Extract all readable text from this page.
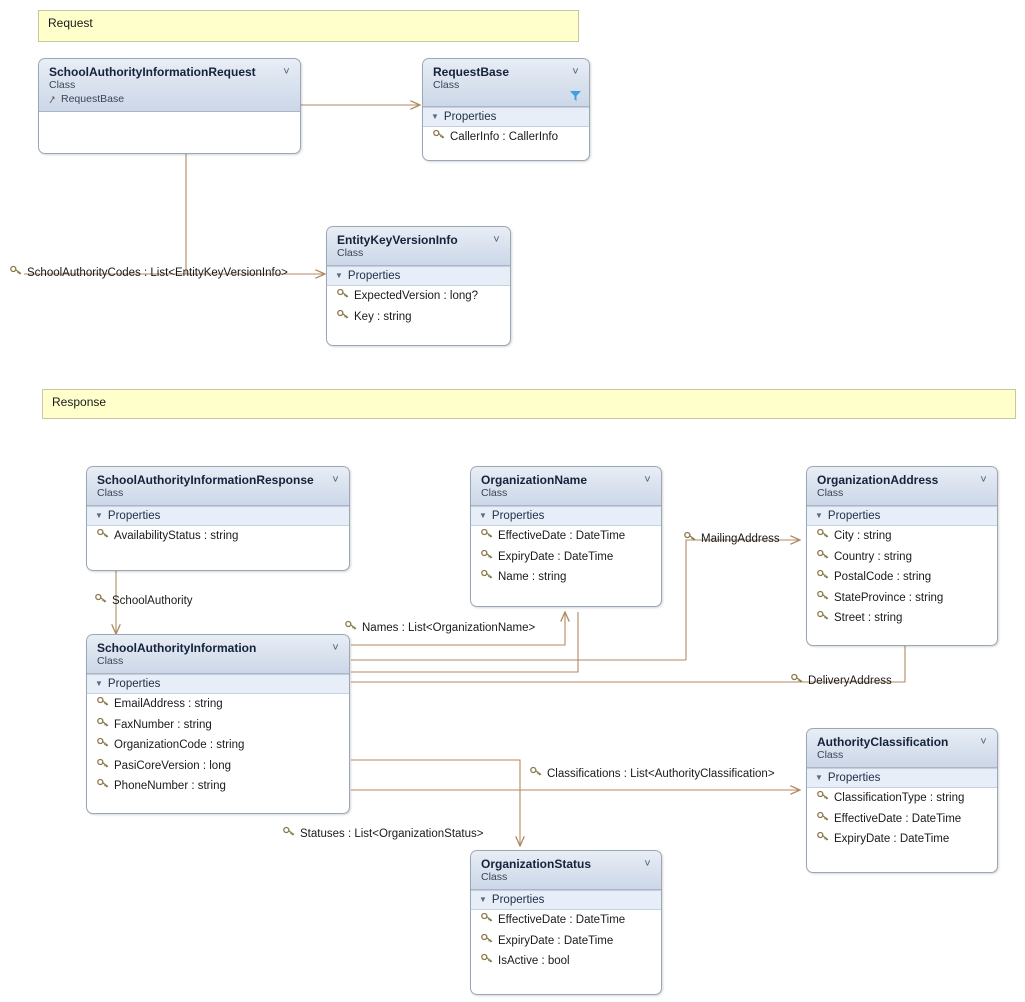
Request
Response
SchoolAuthorityInformationRequest
Class
RequestBase
˅	RequestBase
Class
˅
▼ Properties
CallerInfo : CallerInfo
EntityKeyVersionInfo
Class
˅
▼ Properties
ExpectedVersion : long?
Key : string
SchoolAuthorityInformationResponse
Class
˅
▼ Properties
AvailabilityStatus : string
OrganizationName
Class
˅
▼ Properties
EffectiveDate : DateTime
ExpiryDate : DateTime
Name : string
OrganizationAddress
Class
˅
▼ Properties
City : string
Country : string
PostalCode : string
StateProvince : string
Street : string
SchoolAuthorityInformation
Class
˅
▼ Properties
EmailAddress : string
FaxNumber : string
OrganizationCode : string
PasiCoreVersion : long
PhoneNumber : string
AuthorityClassification
Class
˅
▼ Properties
ClassificationType : string
EffectiveDate : DateTime
ExpiryDate : DateTime
OrganizationStatus
Class
˅
▼ Properties
EffectiveDate : DateTime
ExpiryDate : DateTime
IsActive : bool
SchoolAuthorityCodes : List<EntityKeyVersionInfo>
MailingAddress
SchoolAuthority
Names : List<OrganizationName>
DeliveryAddress
Classifications : List<AuthorityClassification>
Statuses : List<OrganizationStatus>
